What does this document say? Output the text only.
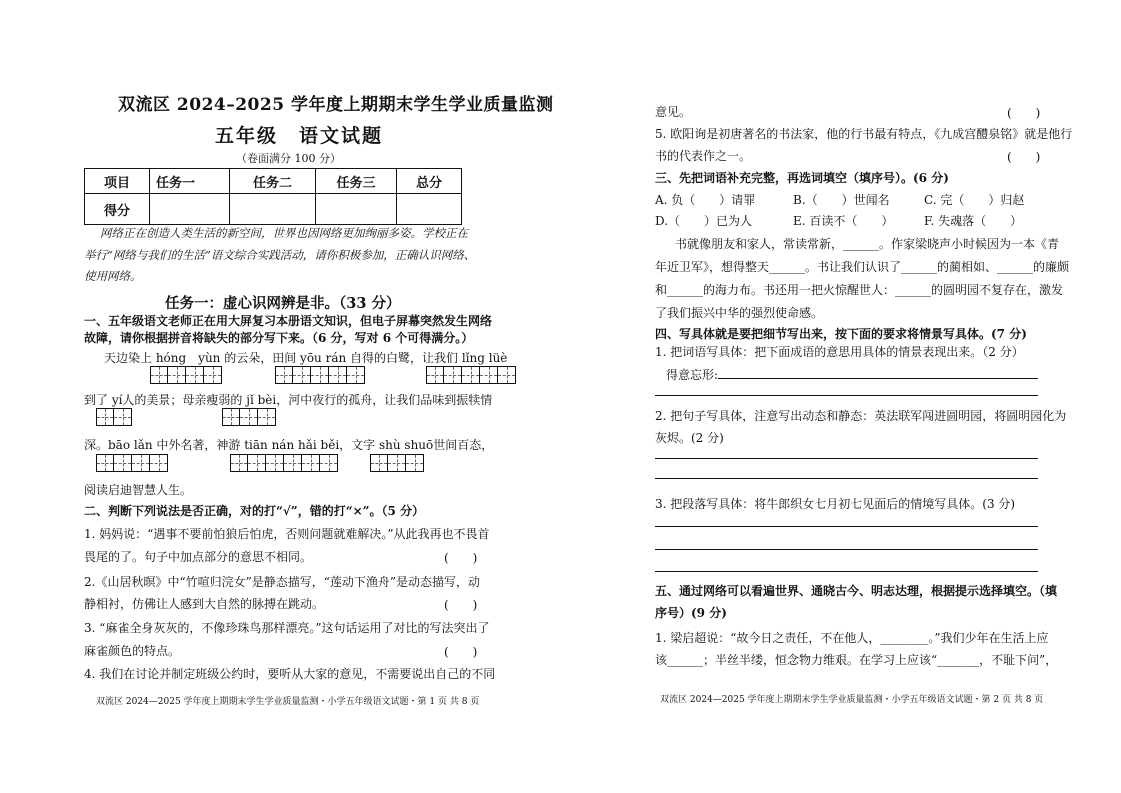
双流区 2024–2025 学年度上期期末学生学业质量监测
五年级　语文试题
（卷面满分 100 分）
项目	任务一	任务二	任务三	总分
得分				
网络正在创造人类生活的新空间，世界也因网络更加绚丽多姿。学校正在
举行“网络与我们的生活”语文综合实践活动，请你积极参加，正确认识网络、
使用网络。
任务一：虚心识网辨是非。（33 分）
一、五年级语文老师正在用大屏复习本册语文知识，但电子屏幕突然发生网络
故障，请你根据拼音将缺失的部分写下来。（6 分，写对 6 个可得满分。）
天边染上 hóng　yùn 的云朵，田间 yōu rán 自得的白鹭，让我们 lǐng lüè
到了 yí人的美景；母亲瘦弱的 jǐ bèi，河中夜行的孤舟，让我们品味到振犊情
深。bāo lǎn 中外名著，神游 tiān nán hǎi běi，文字 shù shuō世间百态，
阅读启迪智慧人生。
二、判断下列说法是否正确，对的打“√”，错的打“×”。（5 分）
1. 妈妈说：“遇事不要前怕狼后怕虎，否则问题就难解决。”从此我再也不畏首
畏尾的了。句子中加点部分的意思不相同。	(　　)
2.《山居秋暝》中“竹喧归浣女”是静态描写，“莲动下渔舟”是动态描写，动
静相衬，仿佛让人感到大自然的脉搏在跳动。	(　　)
3. “麻雀全身灰灰的，不像珍珠鸟那样漂亮。”这句话运用了对比的写法突出了
麻雀颜色的特点。	(　　)
4. 我们在讨论并制定班级公约时，要听从大家的意见，不需要说出自己的不同
双流区 2024—2025 学年度上期期末学生学业质量监测・小学五年级语文试题・第 1 页 共 8 页
意见。	(　　)
5. 欧阳询是初唐著名的书法家，他的行书最有特点，《九成宫醴泉铭》就是他行
书的代表作之一。	(　　)
三、先把词语补充完整，再选词填空（填序号）。(6 分)
A. 负（　　）请罪	B.（　　）世闻名	C. 完（　　）归赵
D.（　　）已为人	E. 百读不（　　）	F. 失魂落（　　）
书就像朋友和家人，常读常新，______。作家梁晓声小时候因为一本《青
年近卫军》，想得整天______。书让我们认识了______的蔺相如、______的廉颇
和______的海力布。书还用一把火惊醒世人：______的圆明园不复存在，激发
了我们振兴中华的强烈使命感。
四、写具体就是要把细节写出来，按下面的要求将情景写具体。(7 分)
1. 把词语写具体：把下面成语的意思用具体的情景表现出来。（2 分）
得意忘形:
2. 把句子写具体，注意写出动态和静态：英法联军闯进圆明园，将圆明园化为
灰烬。(2 分)
3. 把段落写具体：将牛郎织女七月初七见面后的情境写具体。(3 分)
五、通过网络可以看遍世界、通晓古今、明志达理，根据提示选择填空。（填
序号）(9 分)
1. 梁启超说：“故今日之责任，不在他人，________。”我们少年在生活上应
该______；半丝半缕，恒念物力维艰。在学习上应该“_______，不耻下问”，
双流区 2024—2025 学年度上期期末学生学业质量监测・小学五年级语文试题・第 2 页 共 8 页
